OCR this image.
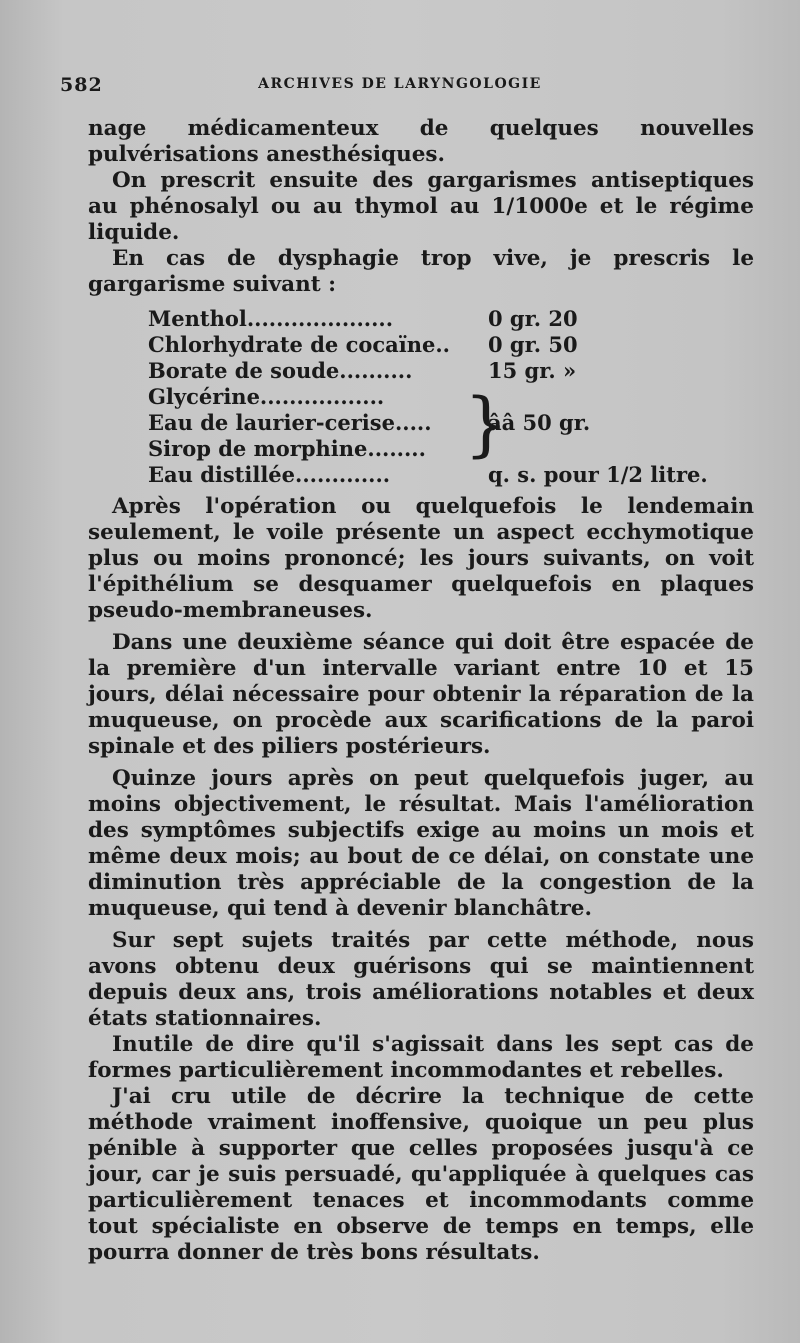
582	ARCHIVES DE LARYNGOLOGIE

nage médicamenteux de quelques nouvelles pulvérisations anesthésiques.

On prescrit ensuite des gargarismes antiseptiques au phénosalyl ou au thymol au 1/1000e et le régime liquide.

En cas de dysphagie trop vive, je prescris le gargarisme suivant :

Menthol....................	0 gr. 20
Chlorhydrate de cocaïne..	0 gr. 50
Borate de soude..........	15 gr. »
Glycérine.................
Eau de laurier-cerise.....
Sirop de morphine........ }
ââ 50 gr.
Eau distillée.............	q. s. pour 1/2 litre.

Après l'opération ou quelquefois le lendemain seulement, le voile présente un aspect ecchymotique plus ou moins prononcé; les jours suivants, on voit l'épithélium se desquamer quelquefois en plaques pseudo-membraneuses.

Dans une deuxième séance qui doit être espacée de la première d'un intervalle variant entre 10 et 15 jours, délai nécessaire pour obtenir la réparation de la muqueuse, on procède aux scarifications de la paroi spinale et des piliers postérieurs.

Quinze jours après on peut quelquefois juger, au moins objectivement, le résultat. Mais l'amélioration des symptômes subjectifs exige au moins un mois et même deux mois; au bout de ce délai, on constate une diminution très appréciable de la congestion de la muqueuse, qui tend à devenir blanchâtre.

Sur sept sujets traités par cette méthode, nous avons obtenu deux guérisons qui se maintiennent depuis deux ans, trois améliorations notables et deux états stationnaires.

Inutile de dire qu'il s'agissait dans les sept cas de formes particulièrement incommodantes et rebelles.

J'ai cru utile de décrire la technique de cette méthode vraiment inoffensive, quoique un peu plus pénible à supporter que celles proposées jusqu'à ce jour, car je suis persuadé, qu'appliquée à quelques cas particulièrement tenaces et incommodants comme tout spécialiste en observe de temps en temps, elle pourra donner de très bons résultats.
